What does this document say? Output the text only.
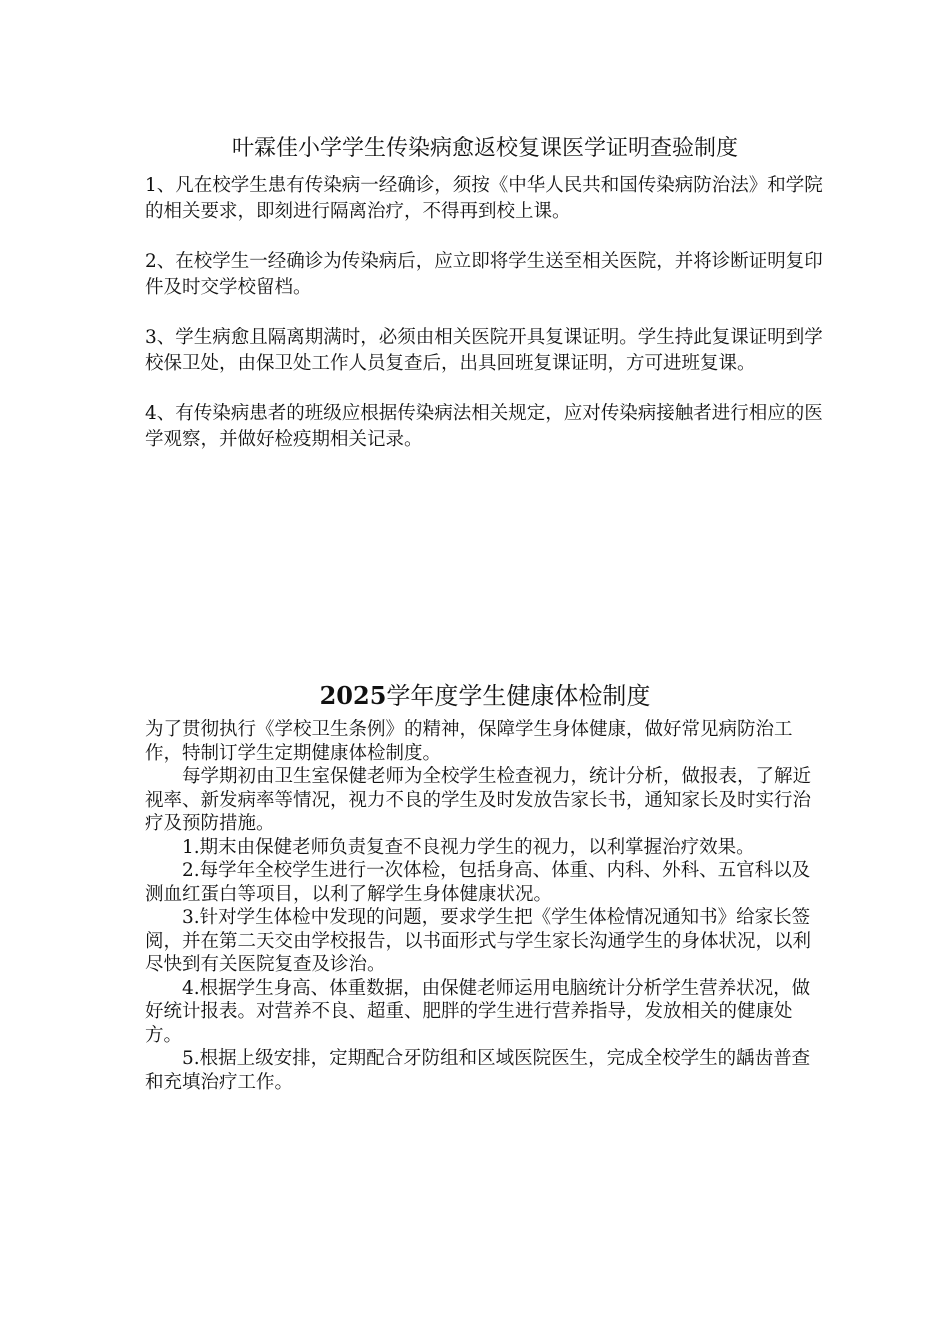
叶霖佳小学学生传染病愈返校复课医学证明查验制度

1、凡在校学生患有传染病一经确诊，须按《中华人民共和国传染病防治法》和学院的相关要求，即刻进行隔离治疗，不得再到校上课。

2、在校学生一经确诊为传染病后，应立即将学生送至相关医院，并将诊断证明复印件及时交学校留档。

3、学生病愈且隔离期满时，必须由相关医院开具复课证明。学生持此复课证明到学校保卫处，由保卫处工作人员复查后，出具回班复课证明，方可进班复课。

4、有传染病患者的班级应根据传染病法相关规定，应对传染病接触者进行相应的医学观察，并做好检疫期相关记录。

2025学年度学生健康体检制度

为了贯彻执行《学校卫生条例》的精神，保障学生身体健康，做好常见病防治工作，特制订学生定期健康体检制度。

每学期初由卫生室保健老师为全校学生检查视力，统计分析，做报表，了解近视率、新发病率等情况，视力不良的学生及时发放告家长书，通知家长及时实行治疗及预防措施。

1.期末由保健老师负责复查不良视力学生的视力，以利掌握治疗效果。

2.每学年全校学生进行一次体检，包括身高、体重、内科、外科、五官科以及测血红蛋白等项目，以利了解学生身体健康状况。

3.针对学生体检中发现的问题，要求学生把《学生体检情况通知书》给家长签阅，并在第二天交由学校报告，以书面形式与学生家长沟通学生的身体状况，以利尽快到有关医院复查及诊治。

4.根据学生身高、体重数据，由保健老师运用电脑统计分析学生营养状况，做好统计报表。对营养不良、超重、肥胖的学生进行营养指导，发放相关的健康处方。

5.根据上级安排，定期配合牙防组和区域医院医生，完成全校学生的龋齿普查和充填治疗工作。
